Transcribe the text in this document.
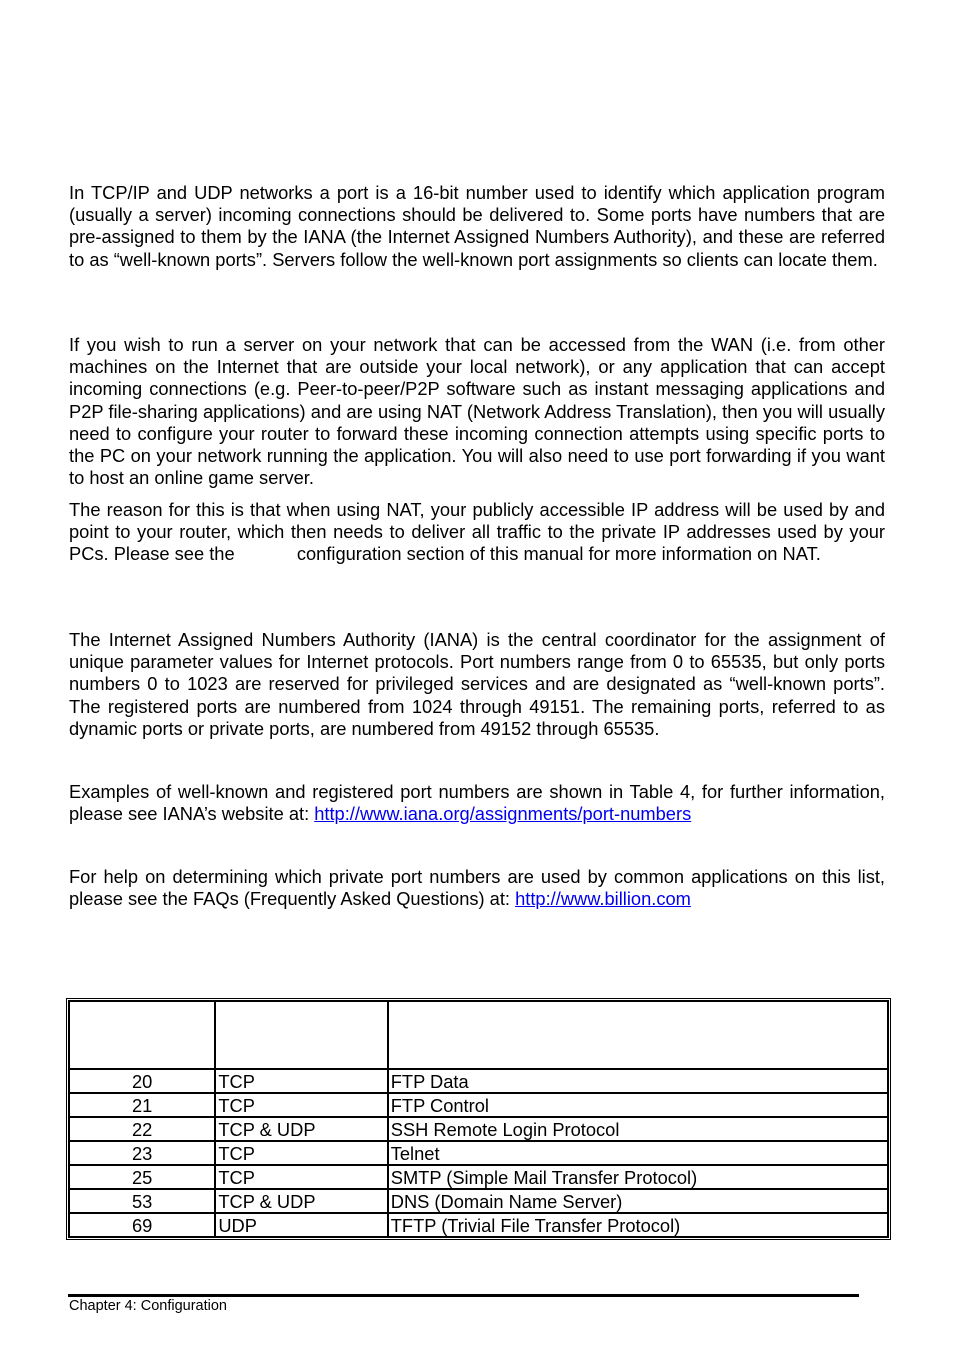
In TCP/IP and UDP networks a port is a 16-bit number used to identify which application program (usually a server) incoming connections should be delivered to. Some ports have numbers that are pre-assigned to them by the IANA (the Internet Assigned Numbers Authority), and these are referred to as “well-known ports”. Servers follow the well-known port assignments so clients can locate them.

If you wish to run a server on your network that can be accessed from the WAN (i.e. from other machines on the Internet that are outside your local network), or any application that can accept incoming connections (e.g. Peer-to-peer/P2P software such as instant messaging applications and P2P file-sharing applications) and are using NAT (Network Address Translation), then you will usually need to configure your router to forward these incoming connection attempts using specific ports to the PC on your network running the application. You will also need to use port forwarding if you want to host an online game server.

The reason for this is that when using NAT, your publicly accessible IP address will be used by and point to your router, which then needs to deliver all traffic to the private IP addresses used by your PCs. Please see the	configuration section of this manual for more information on NAT.

The Internet Assigned Numbers Authority (IANA) is the central coordinator for the assignment of unique parameter values for Internet protocols. Port numbers range from 0 to 65535, but only ports numbers 0 to 1023 are reserved for privileged services and are designated as “well-known ports”. The registered ports are numbered from 1024 through 49151. The remaining ports, referred to as dynamic ports or private ports, are numbered from 49152 through 65535.

Examples of well-known and registered port numbers are shown in Table 4, for further information, please see IANA’s website at: http://www.iana.org/assignments/port-numbers

For help on determining which private port numbers are used by common applications on this list, please see the FAQs (Frequently Asked Questions) at: http://www.billion.com

20	TCP	FTP Data
21	TCP	FTP Control
22	TCP & UDP	SSH Remote Login Protocol
23	TCP	Telnet
25	TCP	SMTP (Simple Mail Transfer Protocol)
53	TCP & UDP	DNS (Domain Name Server)
69	UDP	TFTP (Trivial File Transfer Protocol)
Chapter 4: Configuration
